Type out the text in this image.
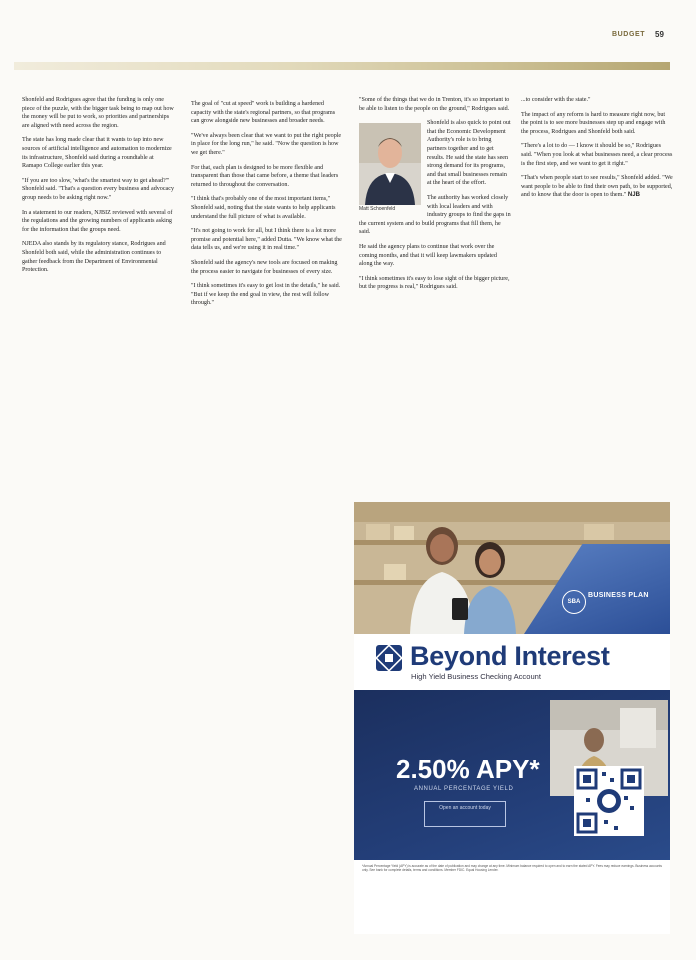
BUDGET 59

Shonfeld and Rodrigues agree that the funding is only one piece of the puzzle, with the bigger task being to map out how the money will be put to work, so priorities and partnerships are aligned with need across the region.

The state has long made clear that it wants to tap into new sources of artificial intelligence and automation to modernize its infrastructure, Shonfeld said during a roundtable at Ramapo College earlier this year.

"If you are too slow, 'what's the smartest way to get ahead?'" Shonfeld said. "That's a question every business and advocacy group needs to be asking right now."

In a statement to our readers, NJBIZ reviewed with several of the regulations and the growing numbers of applicants asking for the information that the groups need.

NJEDA also stands by its regulatory stance, Rodrigues and Shonfeld both said, while the administration continues to gather feedback from the Department of Environmental Protection.

The goal of "cut at speed" work is building a hardened capacity with the state's regional partners, so that programs can grow alongside new businesses and broader needs.

"We've always been clear that we want to put the right people in place for the long run," he said. "Now the question is how we get there."

For that, each plan is designed to be more flexible and transparent than those that came before, a theme that leaders returned to throughout the conversation.

"I think that's probably one of the most important items," Shonfeld said, noting that the state wants to help applicants understand the full picture of what is available.

"It's not going to work for all, but I think there is a lot more promise and potential here," added Dutta. "We know what the data tells us, and we're using it in real time."

Shonfeld said the agency's new tools are focused on making the process easier to navigate for businesses of every size.

"I think sometimes it's easy to get lost in the details," he said. "But if we keep the end goal in view, the rest will follow through."

"Some of the things that we do in Trenton, it's so important to be able to listen to the people on the ground," Rodrigues said.

Matt Schoenfeld

Shonfeld is also quick to point out that the Economic Development Authority's role is to bring partners together and to get results. He said the state has seen strong demand for its programs, and that small businesses remain at the heart of the effort.

The authority has worked closely with local leaders and with industry groups to find the gaps in the current system and to build programs that fill them, he said.

He said the agency plans to continue that work over the coming months, and that it will keep lawmakers updated along the way.

"I think sometimes it's easy to lose sight of the bigger picture, but the progress is real," Rodrigues said.

...to consider with the state."

The impact of any reform is hard to measure right now, but the point is to see more businesses step up and engage with the process, Rodrigues and Shonfeld both said.

"There's a lot to do — I know it should be so," Rodrigues said. "When you look at what businesses need, a clear process is the first step, and we want to get it right."

"That's when people start to see results," Shonfeld added. "We want people to be able to find their own path, to be supported, and to know that the door is open to them." NJB

SBA
BUSINESS PLAN
Beyond Interest
High Yield Business Checking Account
2.50% APY*
ANNUAL PERCENTAGE YIELD
Open an account today
*Annual Percentage Yield (APY) is accurate as of the date of publication and may change at any time. Minimum balance required to open and to earn the stated APY. Fees may reduce earnings. Business accounts only. See bank for complete details, terms and conditions. Member FDIC. Equal Housing Lender.
